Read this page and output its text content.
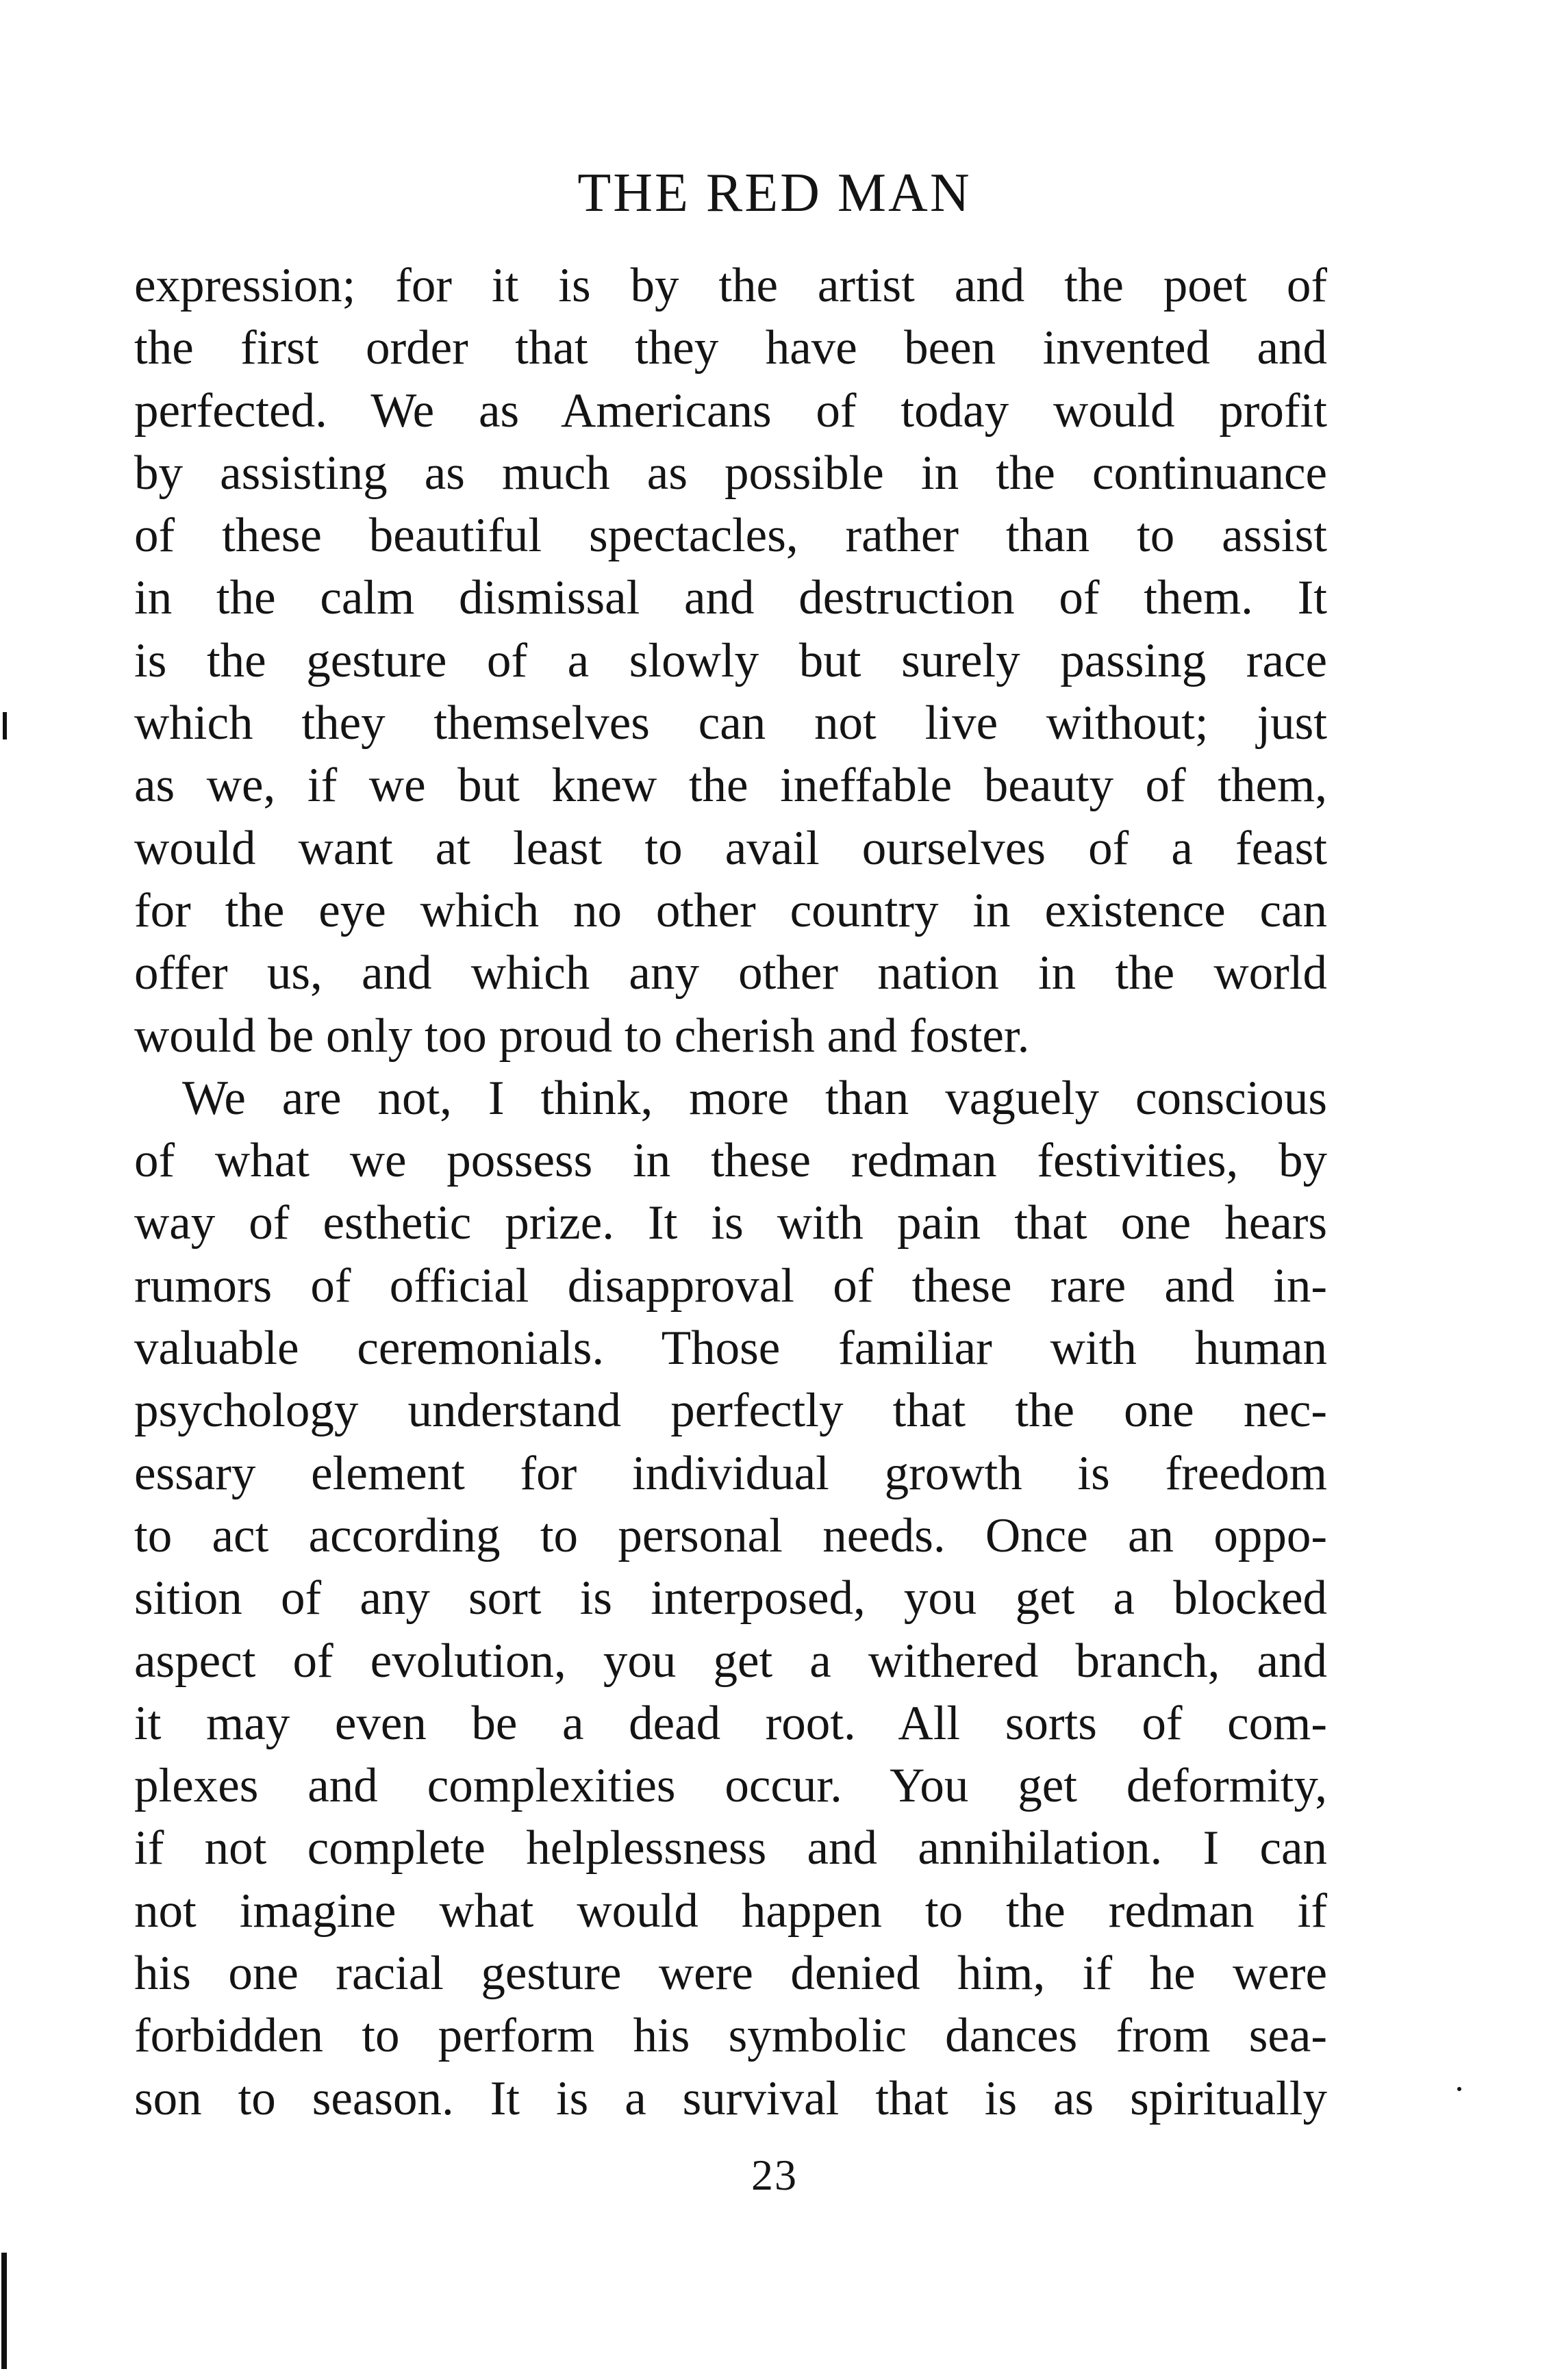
THE RED MAN
expression; for it is by the artist and the poet of
the first order that they have been invented and
perfected. We as Americans of today would profit
by assisting as much as possible in the continuance
of these beautiful spectacles, rather than to assist
in the calm dismissal and destruction of them. It
is the gesture of a slowly but surely passing race
which they themselves can not live without; just
as we, if we but knew the ineffable beauty of them,
would want at least to avail ourselves of a feast
for the eye which no other country in existence can
offer us, and which any other nation in the world
would be only too proud to cherish and foster.
We are not, I think, more than vaguely conscious
of what we possess in these redman festivities, by
way of esthetic prize. It is with pain that one hears
rumors of official disapproval of these rare and in-
valuable ceremonials. Those familiar with human
psychology understand perfectly that the one nec-
essary element for individual growth is freedom
to act according to personal needs. Once an oppo-
sition of any sort is interposed, you get a blocked
aspect of evolution, you get a withered branch, and
it may even be a dead root. All sorts of com-
plexes and complexities occur. You get deformity,
if not complete helplessness and annihilation. I can
not imagine what would happen to the redman if
his one racial gesture were denied him, if he were
forbidden to perform his symbolic dances from sea-
son to season. It is a survival that is as spiritually
23
